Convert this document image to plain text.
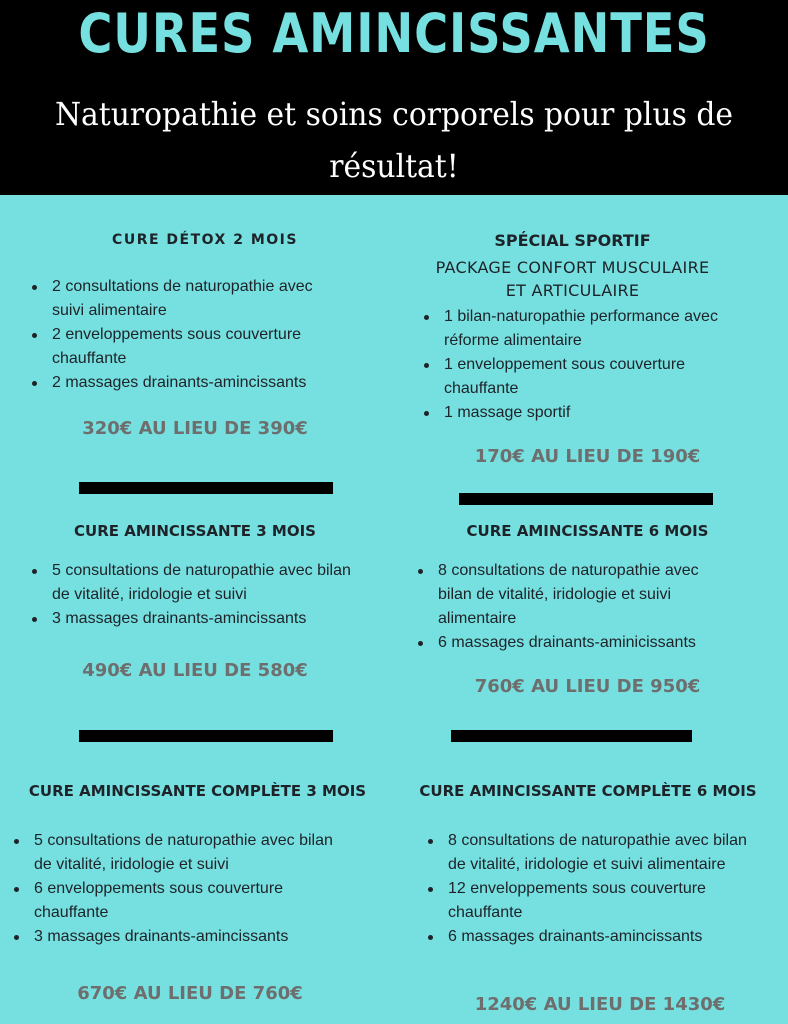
CURES AMINCISSANTES
Naturopathie et soins corporels pour plus de
résultat!
CURE DÉTOX 2 MOIS
2 consultations de naturopathie avec
suivi alimentaire
2 enveloppements sous couverture
chauffante
2 massages drainants-amincissants
320€ AU LIEU DE 390€
SPÉCIAL SPORTIF
PACKAGE CONFORT MUSCULAIRE
ET ARTICULAIRE
1 bilan-naturopathie performance avec
réforme alimentaire
1 enveloppement sous couverture
chauffante
1 massage sportif
170€ AU LIEU DE 190€
CURE AMINCISSANTE 3 MOIS
5 consultations de naturopathie avec bilan
de vitalité, iridologie et suivi
3 massages drainants-amincissants
490€ AU LIEU DE 580€
CURE AMINCISSANTE 6 MOIS
8 consultations de naturopathie avec
bilan de vitalité, iridologie et suivi
alimentaire
6 massages drainants-aminicissants
760€ AU LIEU DE 950€
CURE AMINCISSANTE COMPLÈTE 3 MOIS
5 consultations de naturopathie avec bilan
de vitalité, iridologie et suivi
6 enveloppements sous couverture
chauffante
3 massages drainants-amincissants
670€ AU LIEU DE 760€
CURE AMINCISSANTE COMPLÈTE 6 MOIS
8 consultations de naturopathie avec bilan
de vitalité, iridologie et suivi alimentaire
12 enveloppements sous couverture
chauffante
6 massages drainants-amincissants
1240€ AU LIEU DE 1430€
